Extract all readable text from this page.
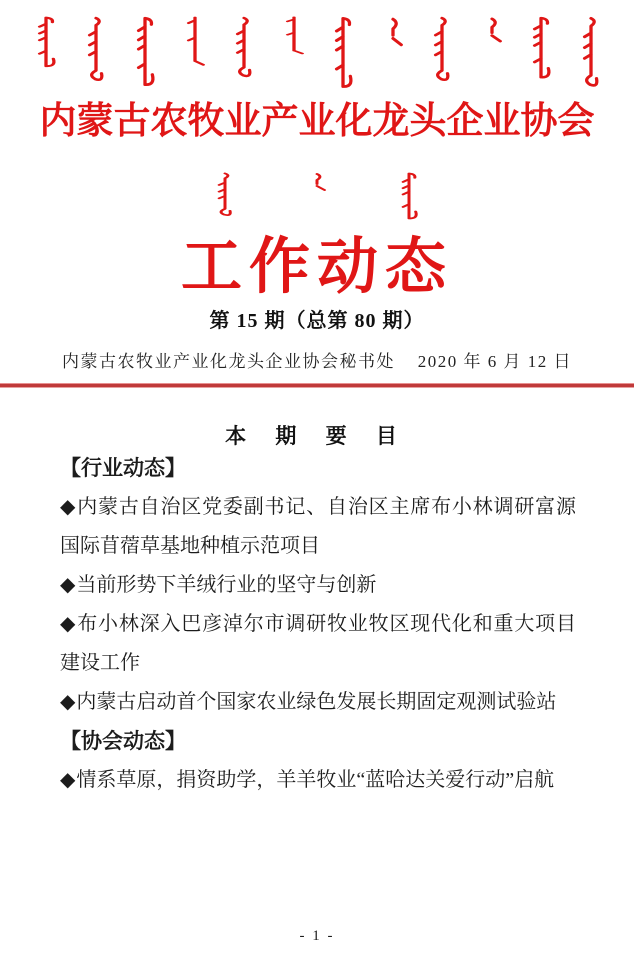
内蒙古农牧业产业化龙头企业协会
工作动态
第 15 期（总第 80 期）
内蒙古农牧业产业化龙头企业协会秘书处 2020 年 6 月 12 日
本 期 要 目
【行业动态】

◆内蒙古自治区党委副书记、自治区主席布小林调研富源国际苜蓿草基地种植示范项目

◆当前形势下羊绒行业的坚守与创新

◆布小林深入巴彦淖尔市调研牧业牧区现代化和重大项目建设工作

◆内蒙古启动首个国家农业绿色发展长期固定观测试验站

【协会动态】

◆情系草原，捐资助学，羊羊牧业“蓝哈达关爱行动”启航

- 1 -
